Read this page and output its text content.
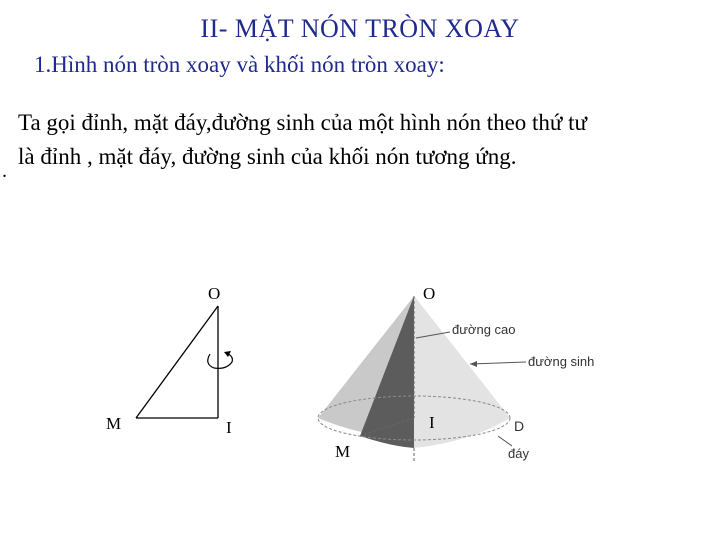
II- MẶT NÓN TRÒN XOAY
1.Hình nón tròn xoay và khối nón tròn xoay:
.
Ta gọi đỉnh, mặt đáy,đường sinh của một hình nón theo thứ tư
là đỉnh , mặt đáy, đường sinh của khối nón tương ứng.
O
M	I
O
I
M
đường cao
đường sinh
D
đáy
